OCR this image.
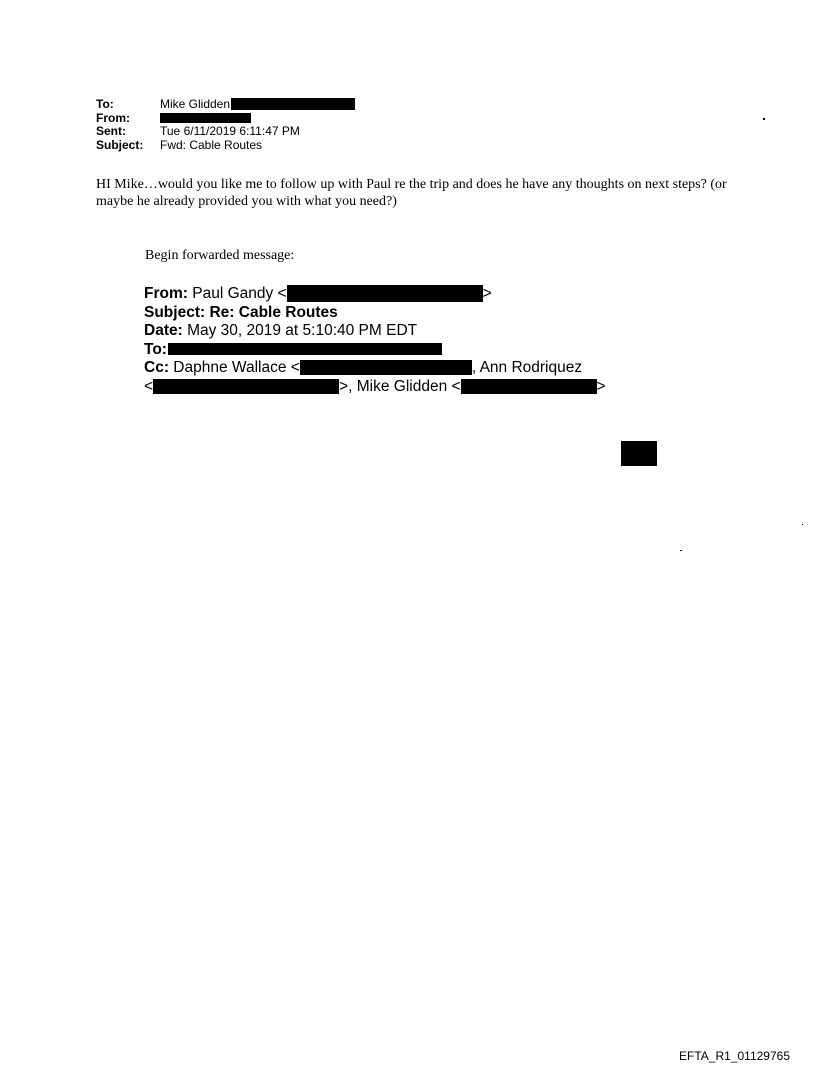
To:	Mike Glidden
From:
Sent:	Tue 6/11/2019 6:11:47 PM
Subject:	Fwd: Cable Routes
HI Mike…would you like me to follow up with Paul re the trip and does he have any thoughts on next steps? (or maybe he already provided you with what you need?)
Begin forwarded message:
From: Paul Gandy <	>
Subject: Re: Cable Routes
Date: May 30, 2019 at 5:10:40 PM EDT
To:
Cc: Daphne Wallace <	, Ann Rodriquez
<	>, Mike Glidden <	>
EFTA_R1_01129765
